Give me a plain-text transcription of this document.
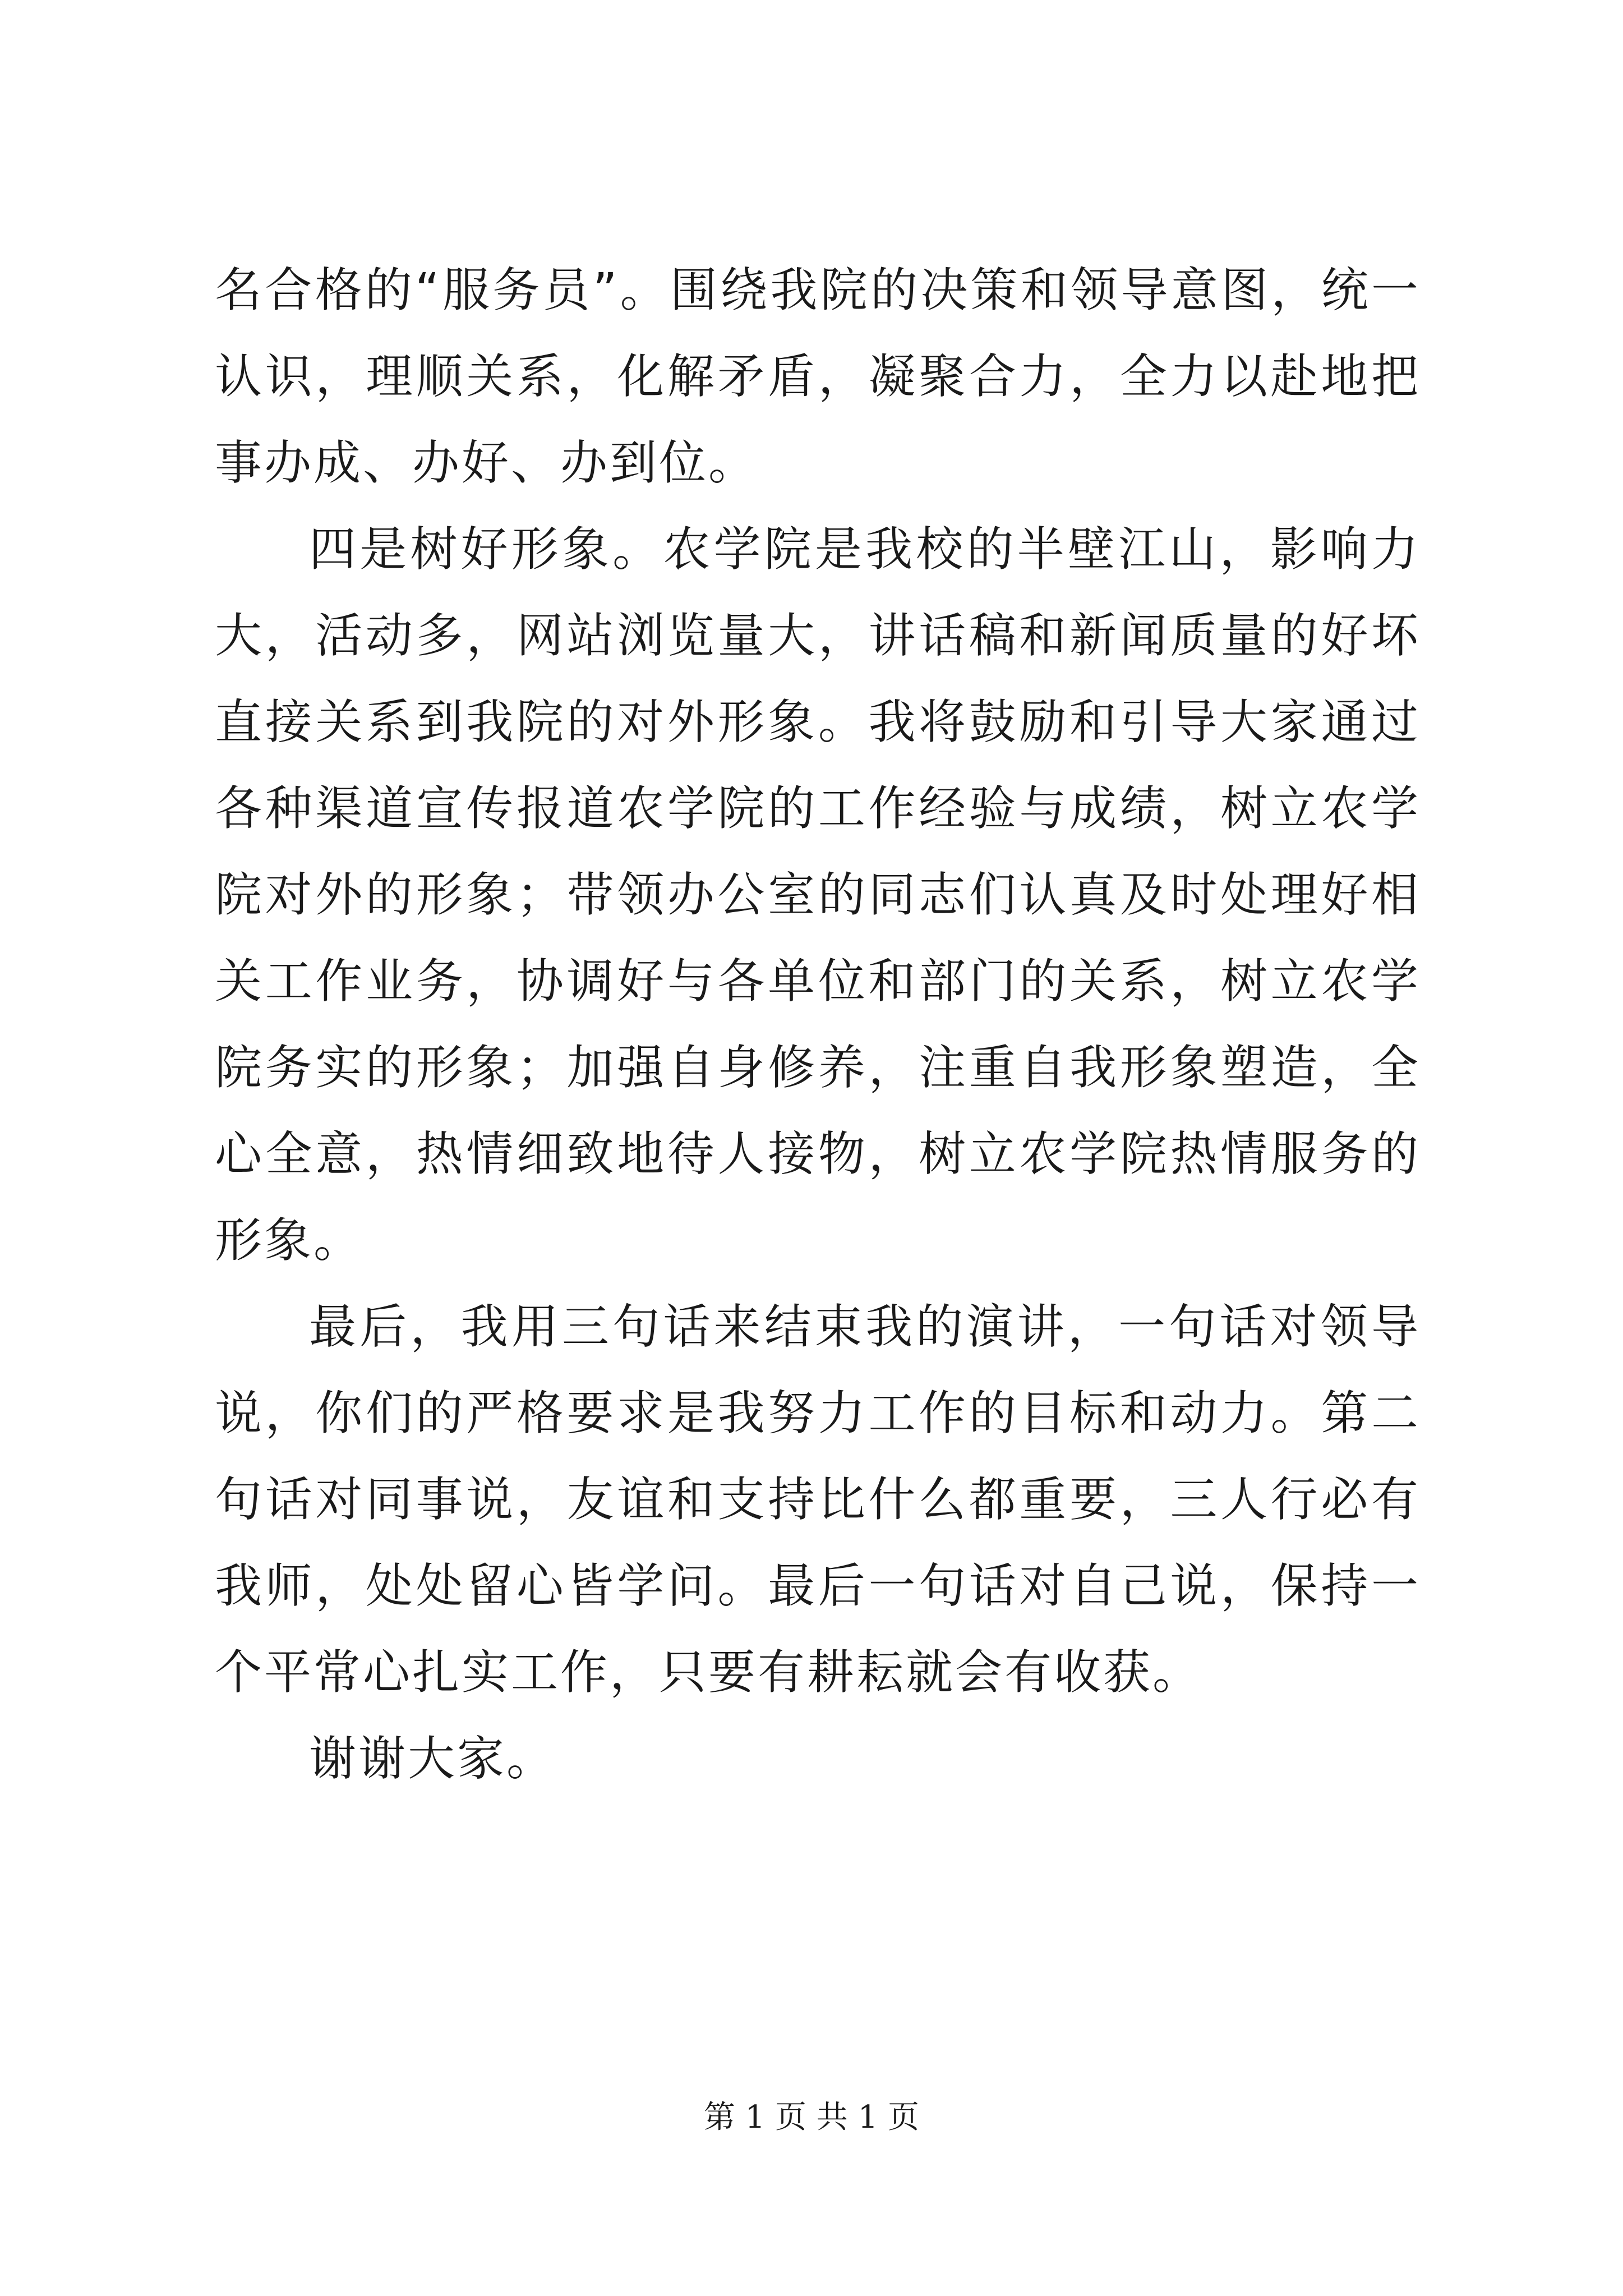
名合格的“服务员”。围绕我院的决策和领导意图，统一认识，理顺关系，化解矛盾，凝聚合力，全力以赴地把事办成、办好、办到位。

四是树好形象。农学院是我校的半壁江山，影响力大，活动多，网站浏览量大，讲话稿和新闻质量的好坏直接关系到我院的对外形象。我将鼓励和引导大家通过各种渠道宣传报道农学院的工作经验与成绩，树立农学院对外的形象；带领办公室的同志们认真及时处理好相关工作业务，协调好与各单位和部门的关系，树立农学院务实的形象；加强自身修养，注重自我形象塑造，全心全意，热情细致地待人接物，树立农学院热情服务的形象。

最后，我用三句话来结束我的演讲，一句话对领导说，你们的严格要求是我努力工作的目标和动力。第二句话对同事说，友谊和支持比什么都重要，三人行必有我师，处处留心皆学问。最后一句话对自己说，保持一个平常心扎实工作，只要有耕耘就会有收获。

谢谢大家。

第 1 页 共 1 页
